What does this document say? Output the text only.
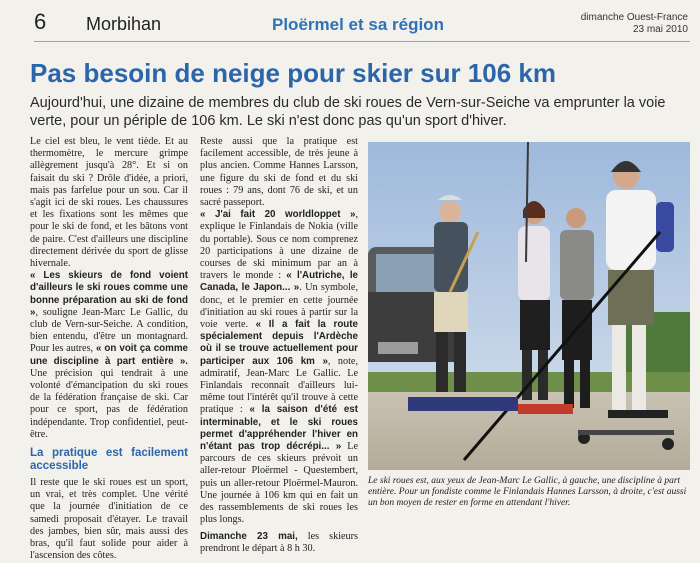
6 Morbihan	Ploërmel et sa région	dimanche Ouest-France
23 mai 2010
Pas besoin de neige pour skier sur 106 km
Aujourd'hui, une dizaine de membres du club de ski roues de Vern-sur-Seiche va emprunter la voie verte, pour un périple de 106 km. Le ski n'est donc pas qu'un sport d'hiver.

Le ciel est bleu, le vent tiède. Et au thermomètre, le mercure grimpe allègrement jusqu'à 28°. Et si on faisait du ski ? Drôle d'idée, a priori, mais pas farfelue pour un sou. Car il s'agit ici de ski roues. Les chaussures et les fixations sont les mêmes que pour le ski de fond, et les bâtons vont de paire. C'est d'ailleurs une discipline directement dérivée du sport de glisse hivernale.

« Les skieurs de fond voient d'ailleurs le ski roues comme une bonne préparation au ski de fond », souligne Jean-Marc Le Gallic, du club de Vern-sur-Seiche. A condition, bien entendu, d'être un montagnard. Pour les autres, « on voit ça comme une discipline à part entière ». Une précision qui tendrait à une volonté d'émancipation du ski roues de la fédération française de ski. Car pour ce sport, pas de fédération indépendante. Trop confidentiel, peut-être.

La pratique est facilement accessible

Il reste que le ski roues est un sport, un vrai, et très complet. Une vérité que la journée d'initiation de ce samedi proposait d'étayer. Le travail des jambes, bien sûr, mais aussi des bras, qu'il faut solide pour aider à l'ascension des côtes.

Reste aussi que la pratique est facilement accessible, de très jeune à plus ancien. Comme Hannes Larsson, une figure du ski de fond et du ski roues : 79 ans, dont 76 de ski, et un sacré passeport.

« J'ai fait 20 worldloppet », explique le Finlandais de Nokia (ville du portable). Sous ce nom comprenez 20 participations à une dizaine de courses de ski minimum par an à travers le monde : « l'Autriche, le Canada, le Japon... ». Un symbole, donc, et le premier en cette journée d'initiation au ski roues à partir sur la voie verte. « Il a fait la route spécialement depuis l'Ardèche où il se trouve actuellement pour participer aux 106 km », note, admiratif, Jean-Marc Le Gallic. Le Finlandais reconnaît d'ailleurs lui-même tout l'intérêt qu'il trouve à cette pratique : « la saison d'été est interminable, et le ski roues permet d'appréhender l'hiver en n'étant pas trop décrépi... » Le parcours de ces skieurs prévoit un aller-retour Ploërmel - Questembert, puis un aller-retour Ploërmel-Mauron. Une journée à 106 km qui en fait un des rassemblements de ski roues les plus longs.

Dimanche 23 mai, les skieurs prendront le départ à 8 h 30.

Le ski roues est, aux yeux de Jean-Marc Le Gallic, à gauche, une discipline à part entière. Pour un fondiste comme le Finlandais Hannes Larsson, à droite, c'est aussi un bon moyen de rester en forme en attendant l'hiver.
